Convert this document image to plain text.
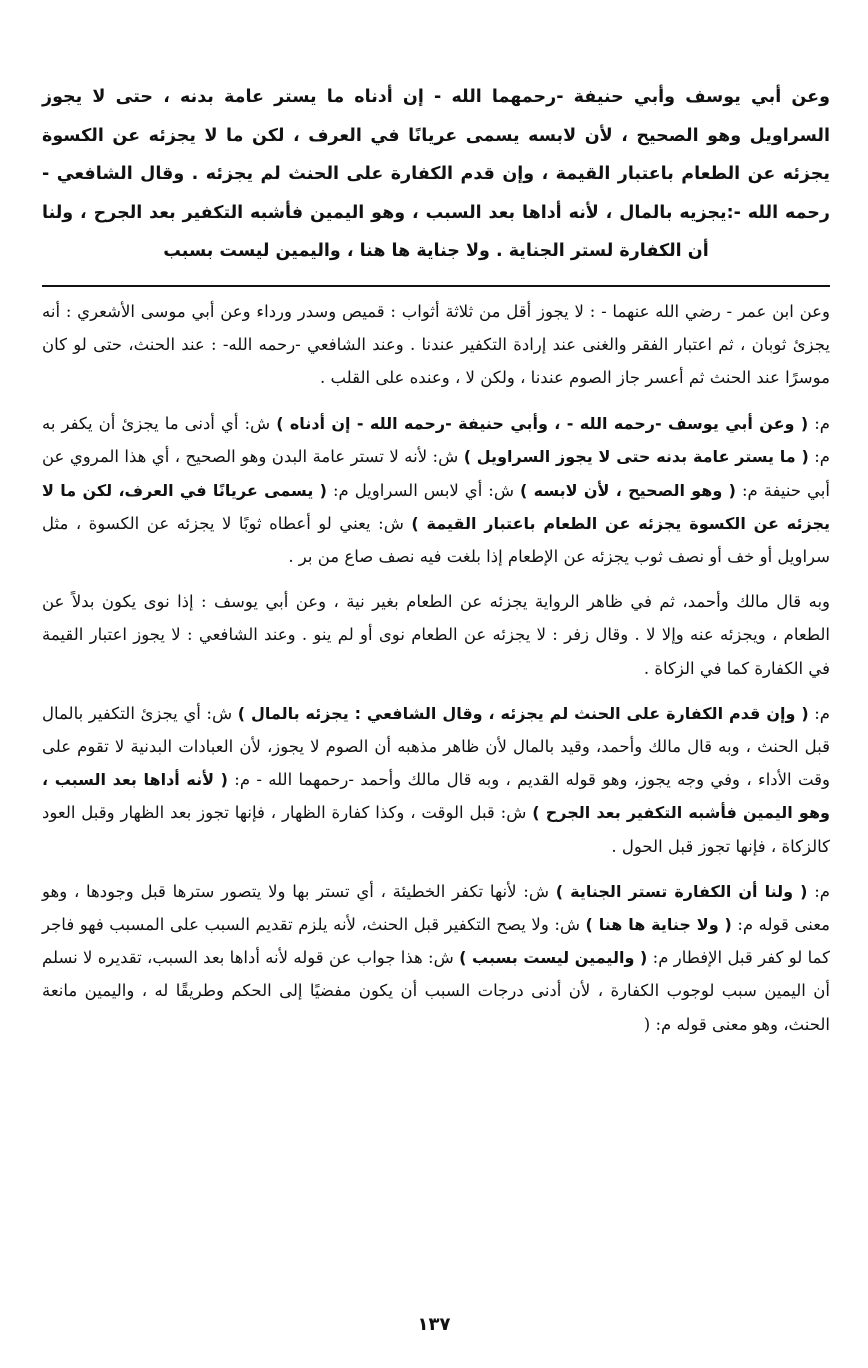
وعن أبي يوسف وأبي حنيفة -رحمهما الله - إن أدناه ما يستر عامة بدنه ، حتى لا يجوز السراويل وهو الصحيح ، لأن لابسه يسمى عريانًا في العرف ، لكن ما لا يجزئه عن الكسوة يجزئه عن الطعام باعتبار القيمة ، وإن قدم الكفارة على الحنث لم يجزئه . وقال الشافعي - رحمه الله -:يجزيه بالمال ، لأنه أداها بعد السبب ، وهو اليمين فأشبه التكفير بعد الجرح ، ولنا أن الكفارة لستر الجناية . ولا جناية ها هنا ، واليمين ليست بسبب

وعن ابن عمر - رضي الله عنهما - : لا يجوز أقل من ثلاثة أثواب : قميص وسدر ورداء وعن أبي موسى الأشعري : أنه يجزئ ثوبان ، ثم اعتبار الفقر والغنى عند إرادة التكفير عندنا . وعند الشافعي -رحمه الله- : عند الحنث، حتى لو كان موسرًا عند الحنث ثم أعسر جاز الصوم عندنا ، ولكن لا ، وعنده على القلب .

م: ( وعن أبي يوسف -رحمه الله - ، وأبي حنيفة -رحمه الله - إن أدناه ) ش: أي أدنى ما يجزئ أن يكفر به م: ( ما يستر عامة بدنه حتى لا يجوز السراويل ) ش: لأنه لا تستر عامة البدن وهو الصحيح ، أي هذا المروي عن أبي حنيفة م: ( وهو الصحيح ، لأن لابسه ) ش: أي لابس السراويل م: ( يسمى عريانًا في العرف، لكن ما لا يجزئه عن الكسوة يجزئه عن الطعام باعتبار القيمة ) ش: يعني لو أعطاه ثوبًا لا يجزئه عن الكسوة ، مثل سراويل أو خف أو نصف ثوب يجزئه عن الإطعام إذا بلغت فيه نصف صاع من بر .

وبه قال مالك وأحمد، ثم في ظاهر الرواية يجزئه عن الطعام بغير نية ، وعن أبي يوسف : إذا نوى يكون بدلاً عن الطعام ، ويجزئه عنه وإلا لا . وقال زفر : لا يجزئه عن الطعام نوى أو لم ينو . وعند الشافعي : لا يجوز اعتبار القيمة في الكفارة كما في الزكاة .

م: ( وإن قدم الكفارة على الحنث لم يجزئه ، وقال الشافعي : يجزئه بالمال ) ش: أي يجزئ التكفير بالمال قبل الحنث ، وبه قال مالك وأحمد، وقيد بالمال لأن ظاهر مذهبه أن الصوم لا يجوز، لأن العبادات البدنية لا تقوم على وقت الأداء ، وفي وجه يجوز، وهو قوله القديم ، وبه قال مالك وأحمد -رحمهما الله - م: ( لأنه أداها بعد السبب ، وهو اليمين فأشبه التكفير بعد الجرح ) ش: قبل الوقت ، وكذا كفارة الظهار ، فإنها تجوز بعد الظهار وقبل العود كالزكاة ، فإنها تجوز قبل الحول .

م: ( ولنا أن الكفارة تستر الجناية ) ش: لأنها تكفر الخطيئة ، أي تستر بها ولا يتصور سترها قبل وجودها ، وهو معنى قوله م: ( ولا جناية ها هنا ) ش: ولا يصح التكفير قبل الحنث، لأنه يلزم تقديم السبب على المسبب فهو فاجر كما لو كفر قبل الإفطار م: ( واليمين ليست بسبب ) ش: هذا جواب عن قوله لأنه أداها بعد السبب، تقديره لا نسلم أن اليمين سبب لوجوب الكفارة ، لأن أدنى درجات السبب أن يكون مفضيًا إلى الحكم وطريقًا له ، واليمين مانعة الحنث، وهو معنى قوله م: (

١٣٧
